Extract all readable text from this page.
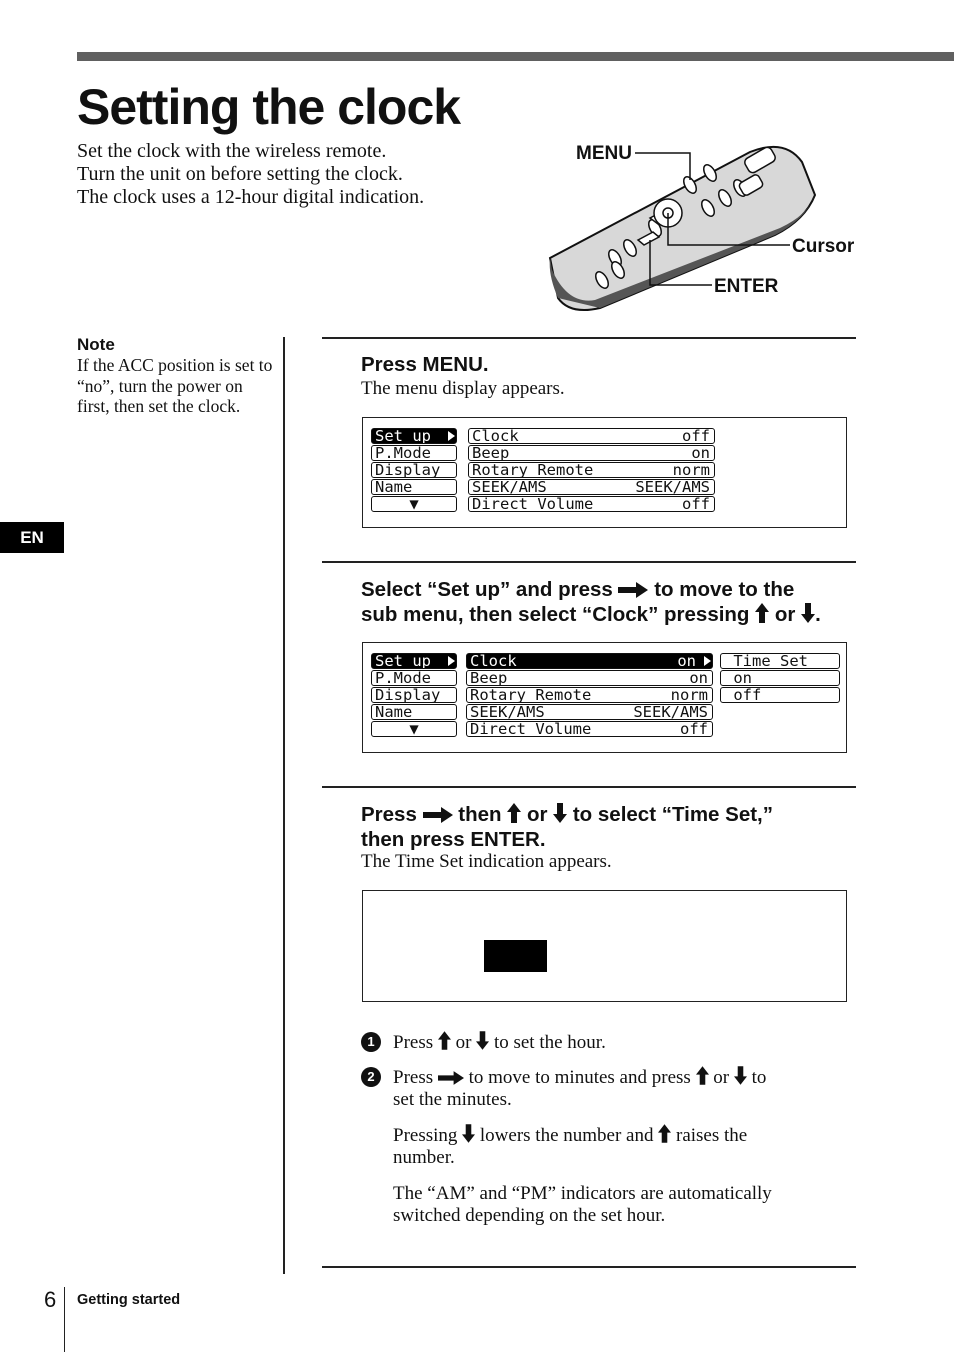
Setting the clock
Set the clock with the wireless remote.
Turn the unit on before setting the clock.
The clock uses a 12-hour digital indication.
MENU
Cursor
ENTER
Note
If the ACC position is set to “no”, turn the power on first, then set the clock.
EN
Press MENU.
The menu display appears.
Set up
P.Mode
Display
Name
▼
Clock	off
Beep	on
Rotary Remote	norm
SEEK/AMS	SEEK/AMS
Direct Volume	off
Select “Set up” and press to move to the
sub menu, then select “Clock” pressing or .
Set up
P.Mode
Display
Name
▼
Clock	on
Beep	on
Rotary Remote	norm
SEEK/AMS	SEEK/AMS
Direct Volume	off
Time Set
on
off
Press then or to select “Time Set,”
then press ENTER.
The Time Set indication appears.
1 Press or to set the hour.
2 Press to move to minutes and press or to
set the minutes.
Pressing lowers the number and raises the
number.
The “AM” and “PM” indicators are automatically
switched depending on the set hour.
6 Getting started
